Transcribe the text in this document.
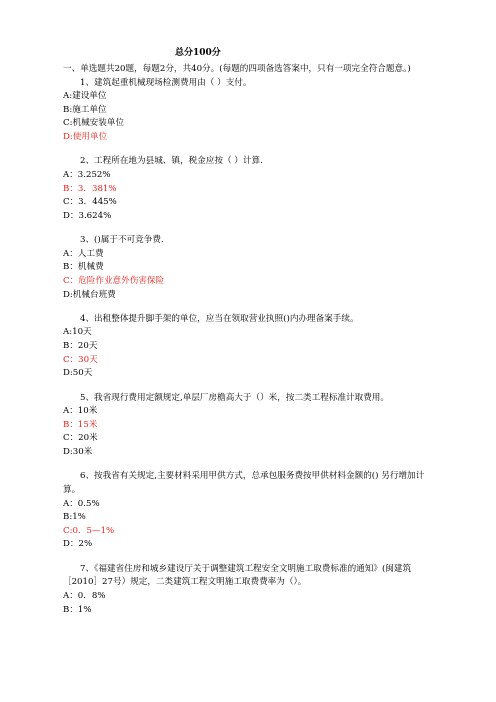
总分100分
一、单选题共20题，每题2分，共40分。(每题的四项备选答案中，只有一项完全符合题意。)
1、建筑起重机械现场检测费用由（ ）支付。
A:建设单位
B:施工单位
C:机械安装单位
D:使用单位
2、工程所在地为县城、镇，税金应按（ ）计算.
A：3.252%
B：3．381%
C：3．445%
D：3.624%
3、()属于不可竞争费.
A：人工费
B：机械费
C：危险作业意外伤害保险
D:机械台班费
4、出租整体提升脚手架的单位，应当在领取营业执照()内办理备案手续。
A:10天
B：20天
C：30天
D:50天
5、我省现行费用定额规定,单层厂房檐高大于（）米，按二类工程标准计取费用。
A：10米
B：15米
C：20米
D:30米
6、按我省有关规定,主要材料采用甲供方式，总承包服务费按甲供材料金额的() 另行增加计算。
A：0.5%
B:1%
C:0．5—1%
D：2%
7、《福建省住房和城乡建设厅关于调整建筑工程安全文明施工取费标准的通知》(闽建筑［2010］27号）规定，二类建筑工程文明施工取费费率为（）。
A：0．8%
B：1%
